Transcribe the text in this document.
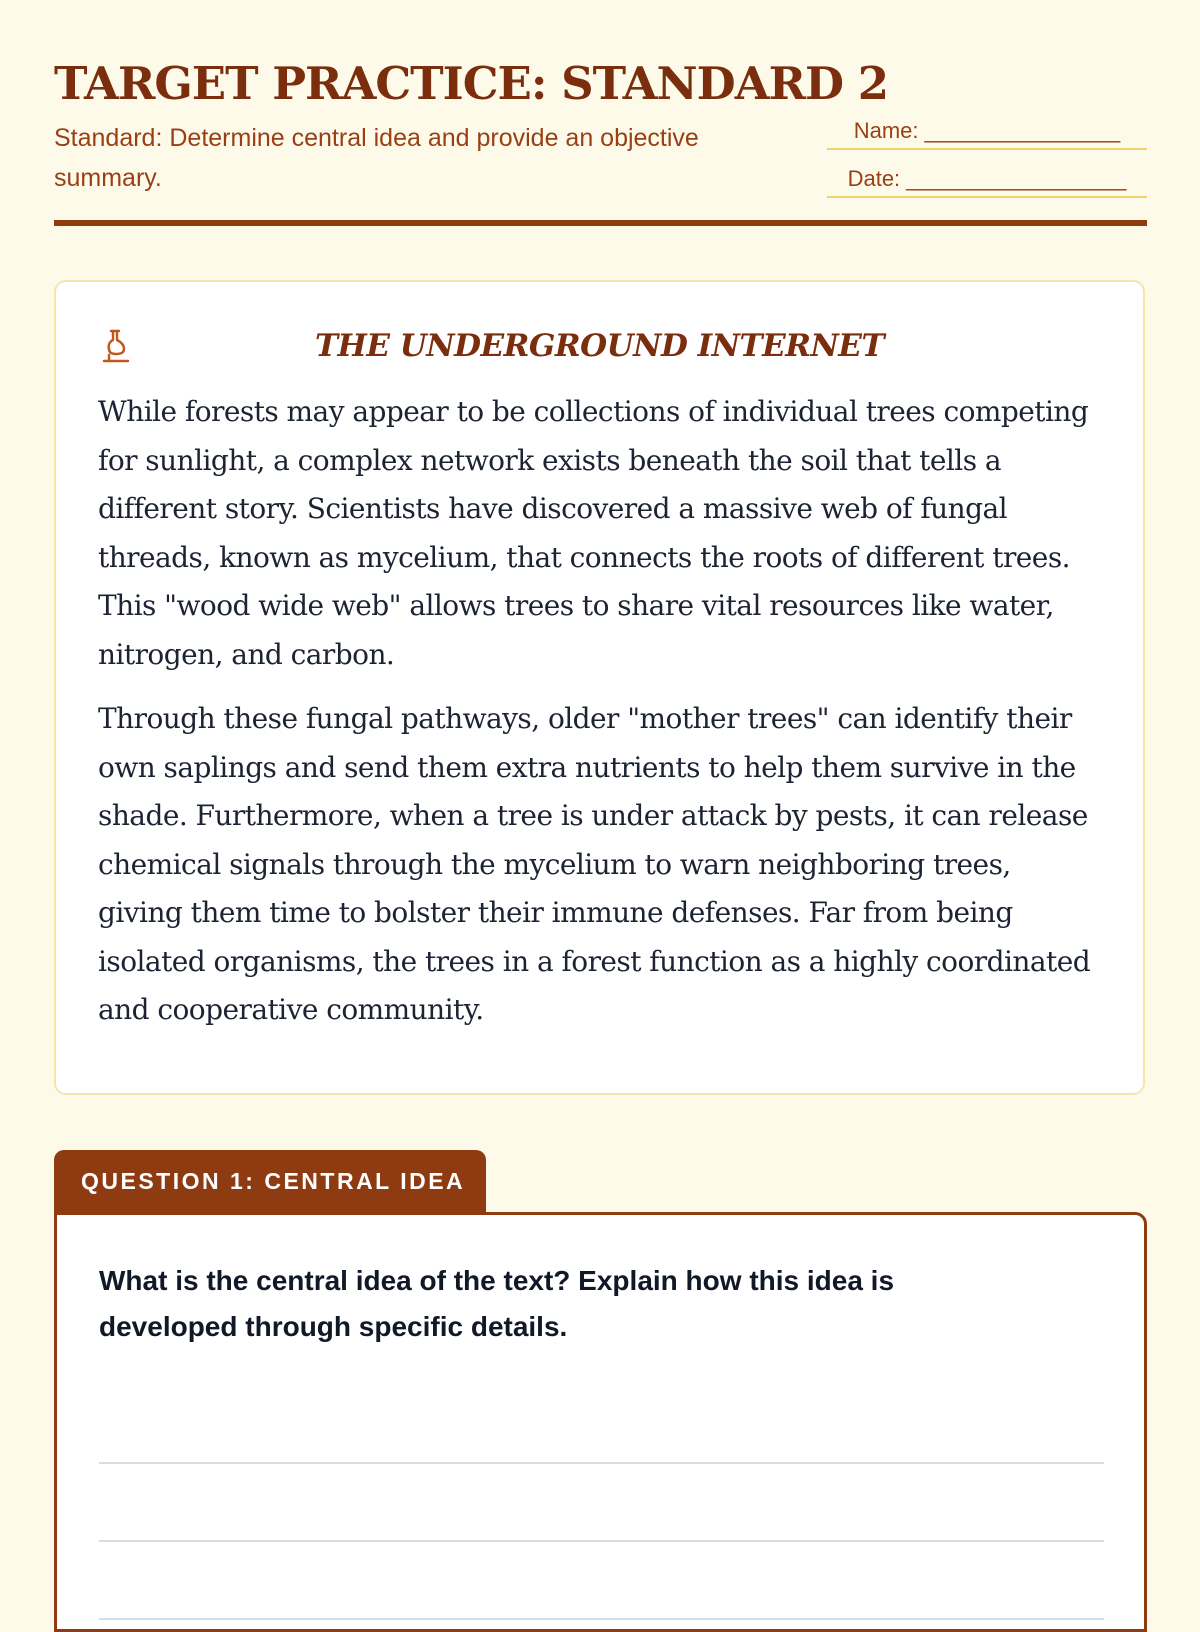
TARGET PRACTICE: STANDARD 2
Standard: Determine central idea and provide an objective summary.
Name: ________________
Date: __________________
THE UNDERGROUND INTERNET

While forests may appear to be collections of individual trees competing for sunlight, a complex network exists beneath the soil that tells a different story. Scientists have discovered a massive web of fungal threads, known as mycelium, that connects the roots of different trees. This "wood wide web" allows trees to share vital resources like water, nitrogen, and carbon.

Through these fungal pathways, older "mother trees" can identify their own saplings and send them extra nutrients to help them survive in the shade. Furthermore, when a tree is under attack by pests, it can release chemical signals through the mycelium to warn neighboring trees, giving them time to bolster their immune defenses. Far from being isolated organisms, the trees in a forest function as a highly coordinated and cooperative community.

QUESTION 1: CENTRAL IDEA

What is the central idea of the text? Explain how this idea is developed through specific details.
